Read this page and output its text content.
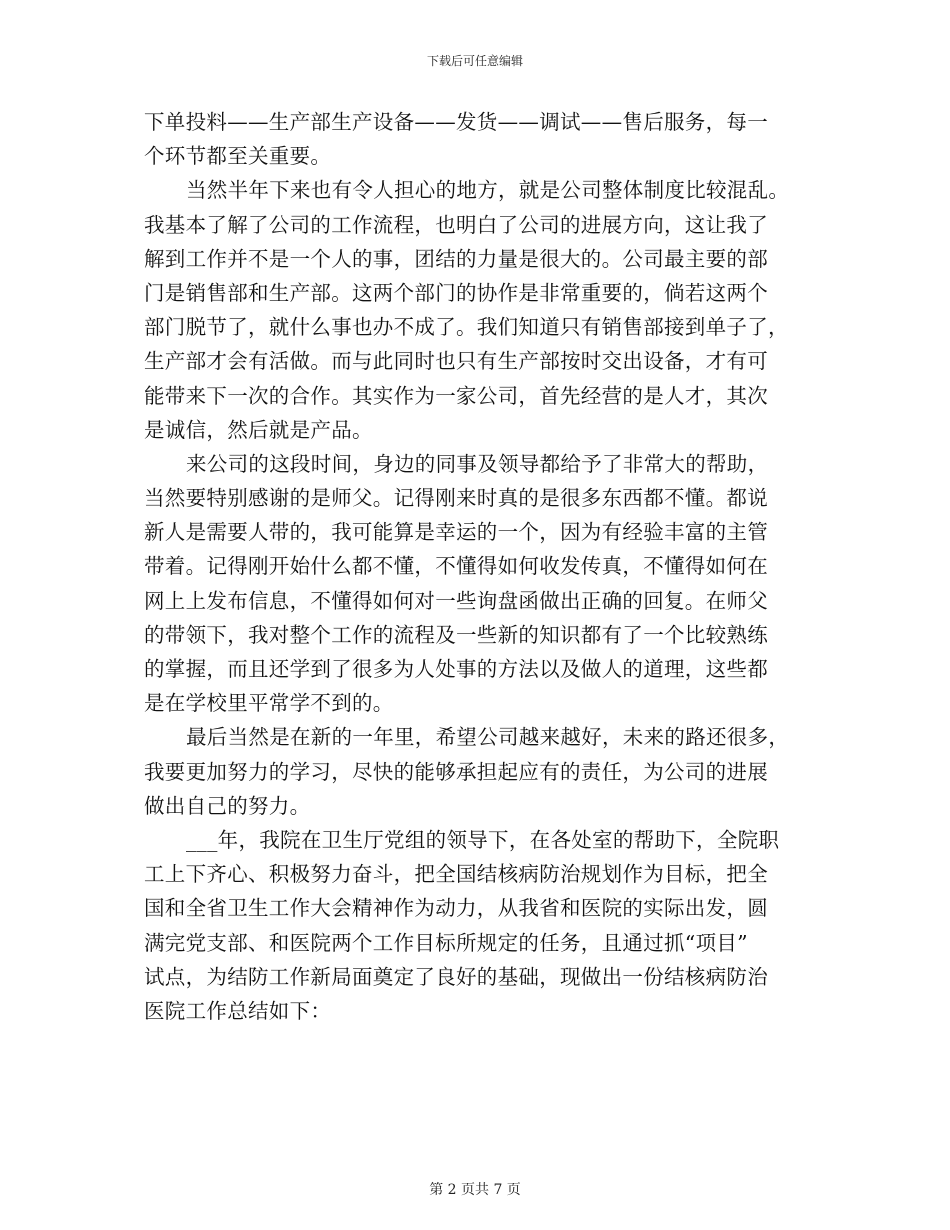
下载后可任意编辑
下单投料——生产部生产设备——发货——调试——售后服务，每一
个环节都至关重要。
当然半年下来也有令人担心的地方，就是公司整体制度比较混乱。
我基本了解了公司的工作流程，也明白了公司的进展方向，这让我了
解到工作并不是一个人的事，团结的力量是很大的。公司最主要的部
门是销售部和生产部。这两个部门的协作是非常重要的，倘若这两个
部门脱节了，就什么事也办不成了。我们知道只有销售部接到单子了，
生产部才会有活做。而与此同时也只有生产部按时交出设备，才有可
能带来下一次的合作。其实作为一家公司，首先经营的是人才，其次
是诚信，然后就是产品。
来公司的这段时间，身边的同事及领导都给予了非常大的帮助，
当然要特别感谢的是师父。记得刚来时真的是很多东西都不懂。都说
新人是需要人带的，我可能算是幸运的一个，因为有经验丰富的主管
带着。记得刚开始什么都不懂，不懂得如何收发传真，不懂得如何在
网上上发布信息，不懂得如何对一些询盘函做出正确的回复。在师父
的带领下，我对整个工作的流程及一些新的知识都有了一个比较熟练
的掌握，而且还学到了很多为人处事的方法以及做人的道理，这些都
是在学校里平常学不到的。
最后当然是在新的一年里，希望公司越来越好，未来的路还很多，
我要更加努力的学习，尽快的能够承担起应有的责任，为公司的进展
做出自己的努力。
___年，我院在卫生厅党组的领导下，在各处室的帮助下，全院职
工上下齐心、积极努力奋斗，把全国结核病防治规划作为目标，把全
国和全省卫生工作大会精神作为动力，从我省和医院的实际出发，圆
满完党支部、和医院两个工作目标所规定的任务，且通过抓“项目”
试点，为结防工作新局面奠定了良好的基础，现做出一份结核病防治
医院工作总结如下：
第 2 页共 7 页
